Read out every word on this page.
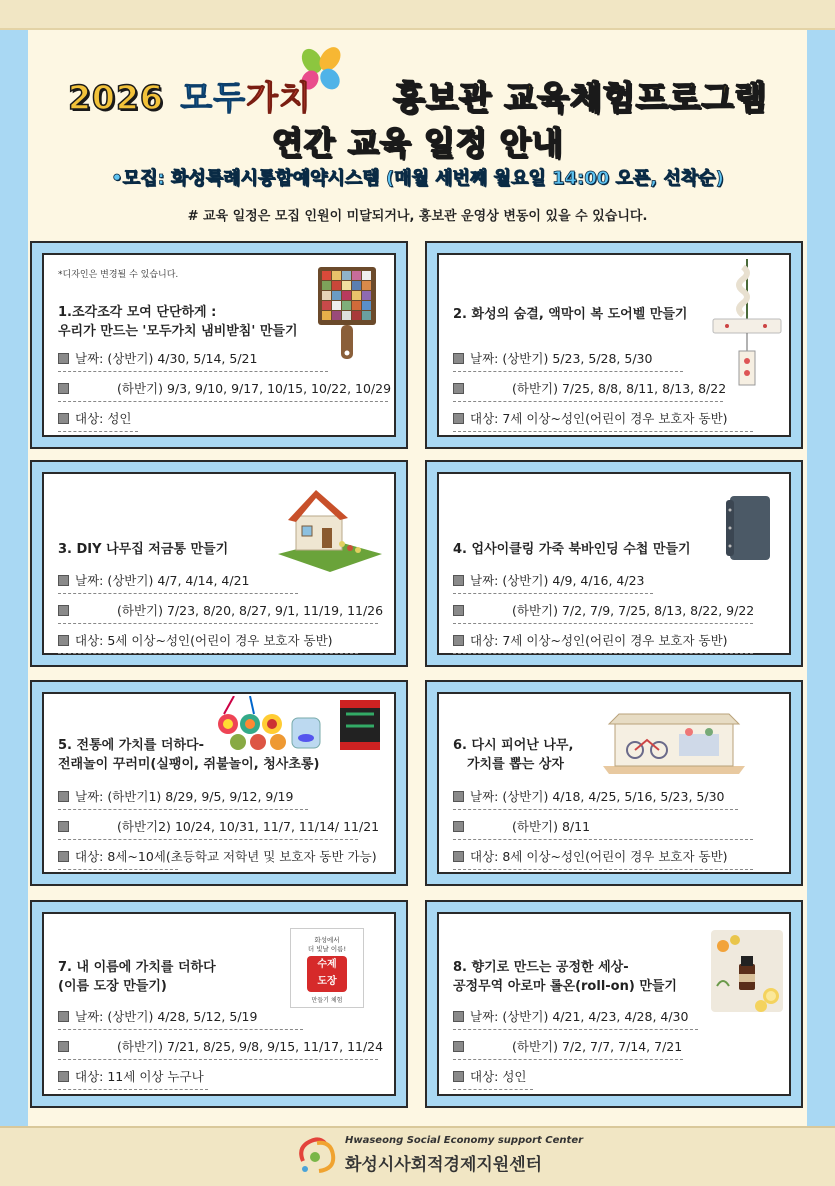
2026 모두가치 홍보관 교육체험프로그램
연간 교육 일정 안내
•모집: 화성특례시통합예약시스템 (매월 세번째 월요일 14:00 오픈, 선착순)
# 교육 일정은 모집 인원이 미달되거나, 홍보관 운영상 변동이 있을 수 있습니다.
*디자인은 변경될 수 있습니다.
1.조각조각 모여 단단하게 :
우리가 만드는 '모두가치 냄비받침' 만들기
날짜: (상반기) 4/30, 5/14, 5/21
(하반기) 9/3, 9/10, 9/17, 10/15, 10/22, 10/29
대상: 성인
2. 화성의 숨결, 액막이 복 도어벨 만들기
날짜: (상반기) 5/23, 5/28, 5/30
(하반기) 7/25, 8/8, 8/11, 8/13, 8/22
대상: 7세 이상~성인(어린이 경우 보호자 동반)
3. DIY 나무집 저금통 만들기
날짜: (상반기) 4/7, 4/14, 4/21
(하반기) 7/23, 8/20, 8/27, 9/1, 11/19, 11/26
대상: 5세 이상~성인(어린이 경우 보호자 동반)
4. 업사이클링 가죽 북바인딩 수첩 만들기
날짜: (상반기) 4/9, 4/16, 4/23
(하반기) 7/2, 7/9, 7/25, 8/13, 8/22, 9/22
대상: 7세 이상~성인(어린이 경우 보호자 동반)
5. 전통에 가치를 더하다-
전래놀이 꾸러미(실팽이, 쥐불놀이, 청사초롱)
날짜: (하반기1) 8/29, 9/5, 9/12, 9/19
(하반기2) 10/24, 10/31, 11/7, 11/14/ 11/21
대상: 8세~10세(초등학교 저학년 및 보호자 동반 가능)
6. 다시 피어난 나무,
가치를 뽑는 상자
날짜: (상반기) 4/18, 4/25, 5/16, 5/23, 5/30
(하반기) 8/11
대상: 8세 이상~성인(어린이 경우 보호자 동반)
7. 내 이름에 가치를 더하다
(이름 도장 만들기)
날짜: (상반기) 4/28, 5/12, 5/19
(하반기) 7/21, 8/25, 9/8, 9/15, 11/17, 11/24
대상: 11세 이상 누구나
화성에서
더 빛날 이름!
수제
도장
만들기 체험
8. 향기로 만드는 공정한 세상-
공정무역 아로마 롤온(roll-on) 만들기
날짜: (상반기) 4/21, 4/23, 4/28, 4/30
(하반기) 7/2, 7/7, 7/14, 7/21
대상: 성인
Hwaseong Social Economy support Center
화성시사회적경제지원센터
